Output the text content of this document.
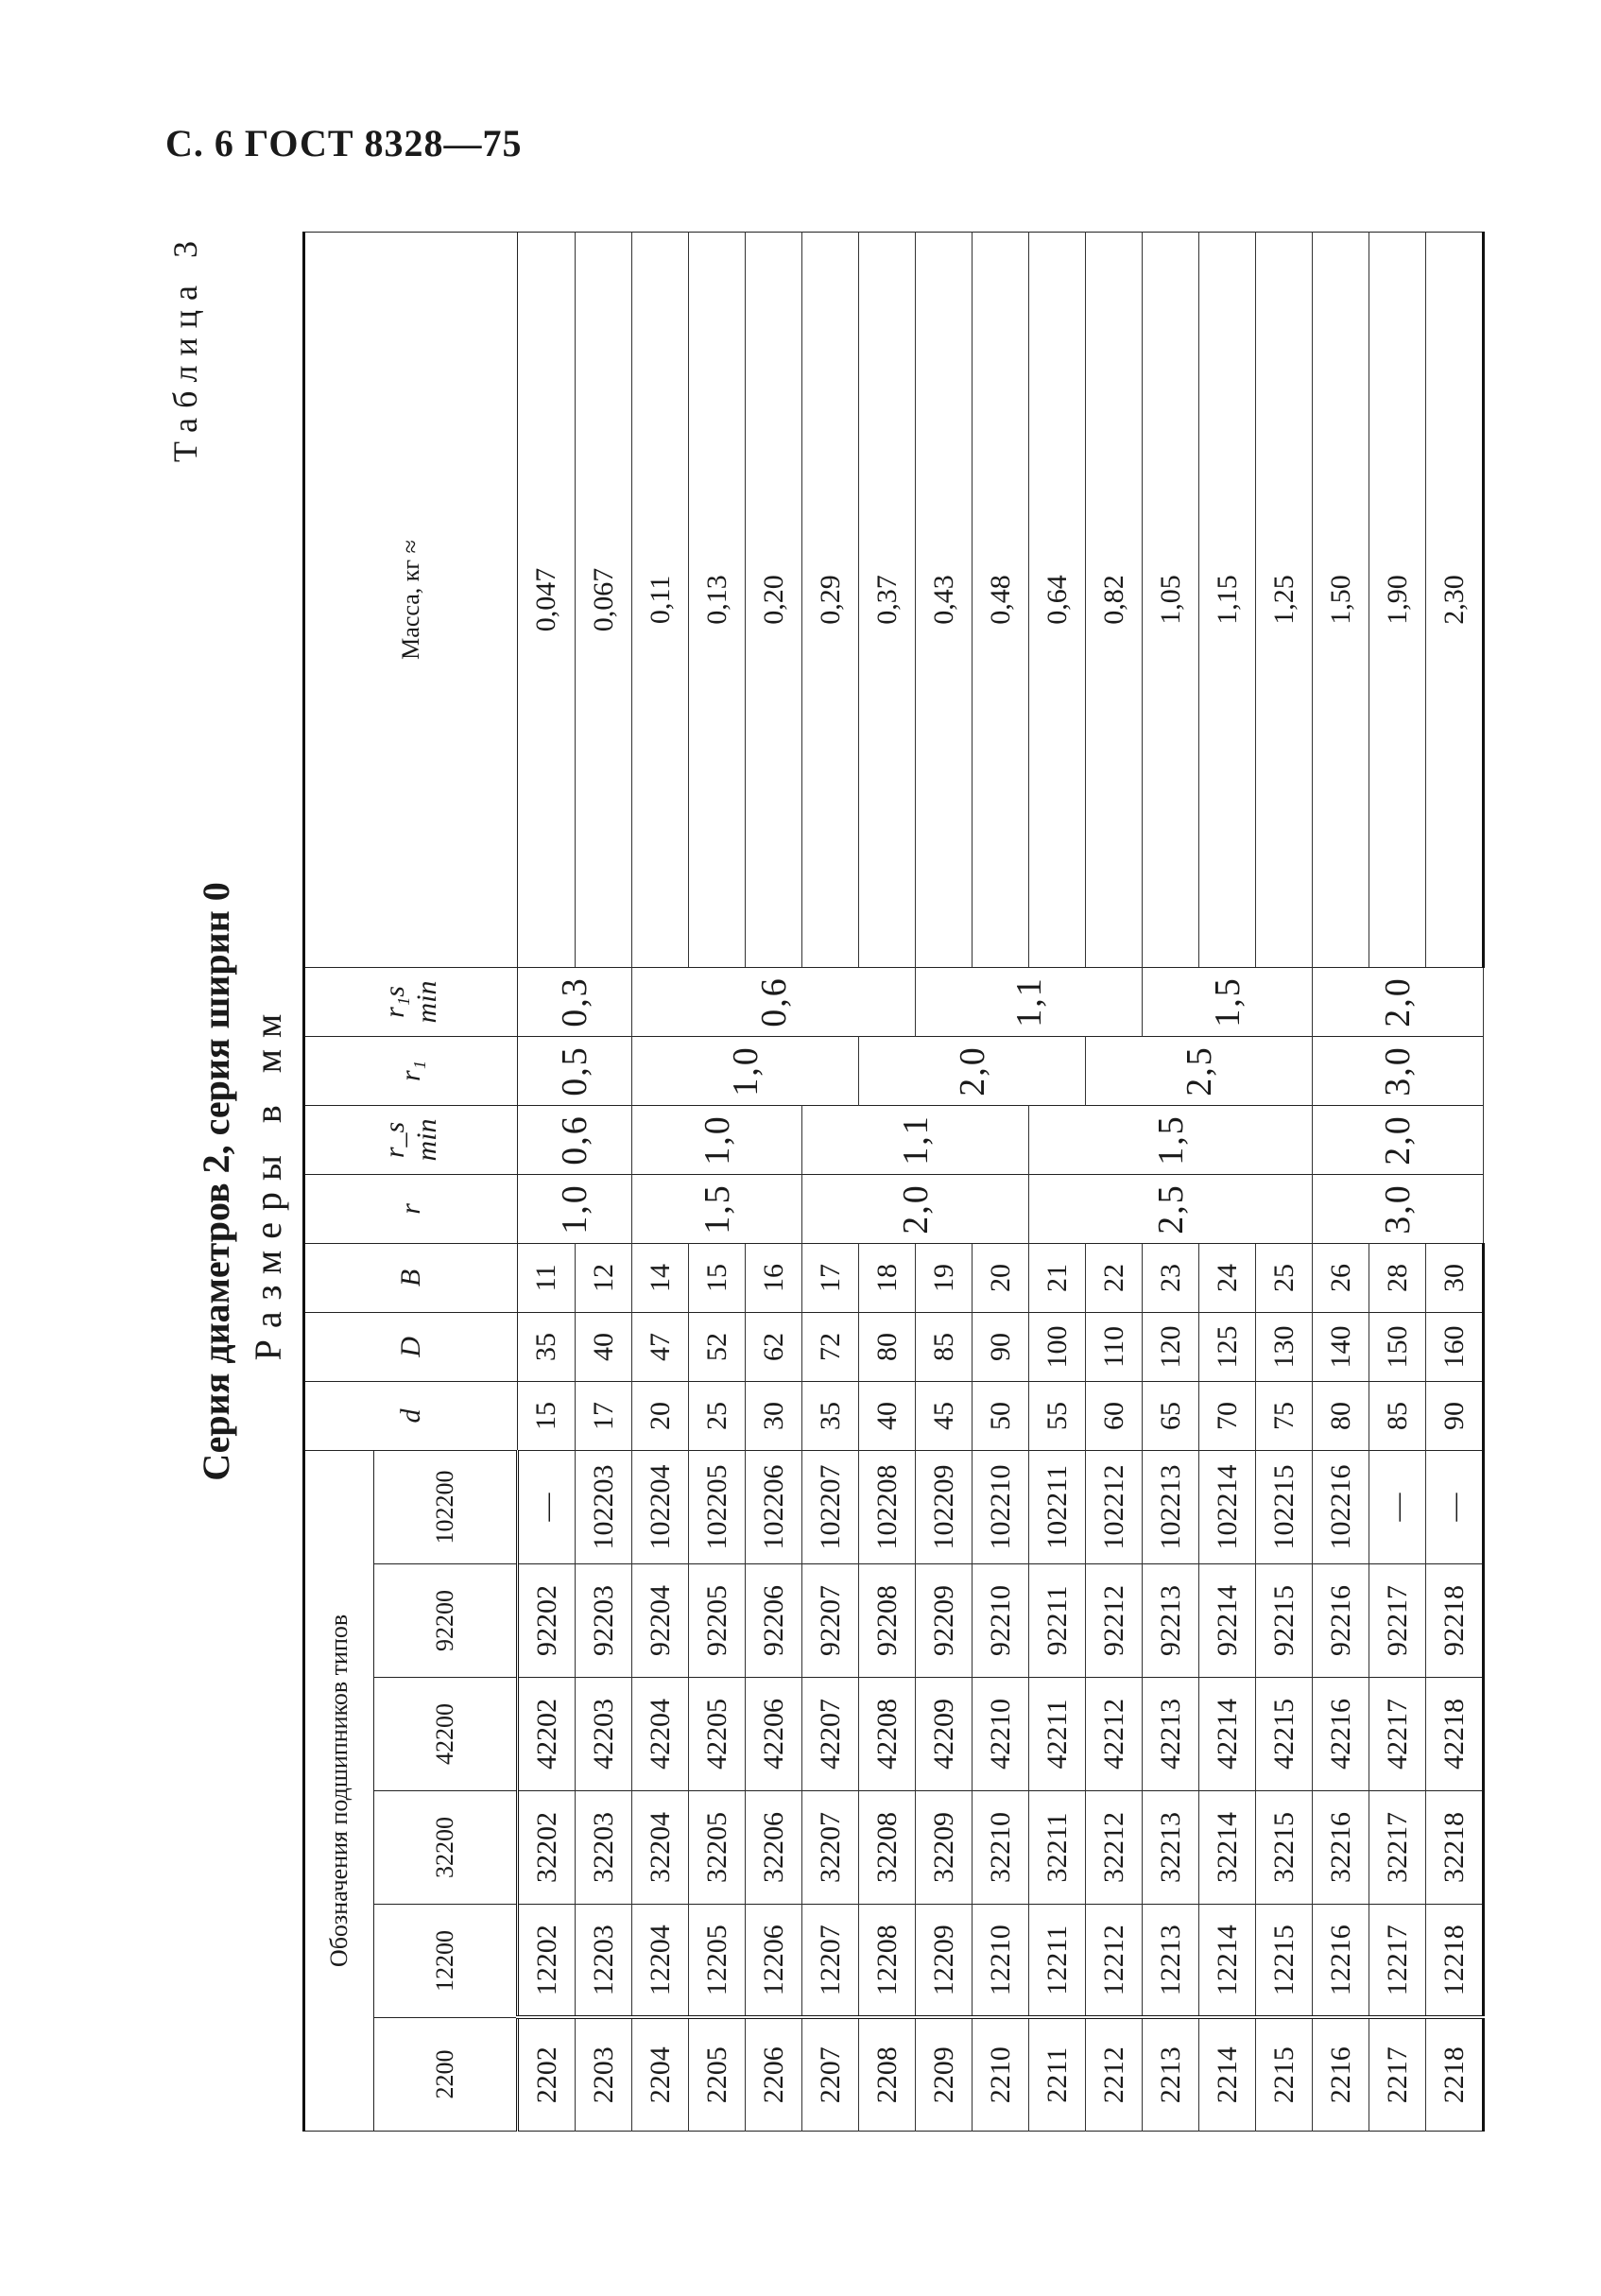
С. 6 ГОСТ 8328—75
Таблица 3
Серия диаметров 2, серия ширин 0 Размеры в мм
Обозначения подшипников типов						d	D	B	r	r_s min	r₁	r₁s min	Масса, кг ≈
2200	12200	32200	42200	92200	102200								
2202	12202	32202	42202	92202	—	15	35	11	1,0	0,6	0,5	0,3	0,047
2203	12203	32203	42203	92203	102203	17	40	12					0,067
2204	12204	32204	42204	92204	102204	20	47	14	1,5	1,0	1,0	0,6	0,11
2205	12205	32205	42205	92205	102205	25	52	15					0,13
2206	12206	32206	42206	92206	102206	30	62	16					0,20
2207	12207	32207	42207	92207	102207	35	72	17	2,0	1,1			0,29
2208	12208	32208	42208	92208	102208	40	80	18			2,0		0,37
2209	12209	32209	42209	92209	102209	45	85	19				1,1	0,43
2210	12210	32210	42210	92210	102210	50	90	20					0,48
2211	12211	32211	42211	92211	102211	55	100	21	2,5	1,5			0,64
2212	12212	32212	42212	92212	102212	60	110	22			2,5		0,82
2213	12213	32213	42213	92213	102213	65	120	23				1,5	1,05
2214	12214	32214	42214	92214	102214	70	125	24					1,15
2215	12215	32215	42215	92215	102215	75	130	25					1,25
2216	12216	32216	42216	92216	102216	80	140	26	3,0	2,0	3,0	2,0	1,50
2217	12217	32217	42217	92217	—	85	150	28					1,90
2218	12218	32218	42218	92218	—	90	160	30					2,30
